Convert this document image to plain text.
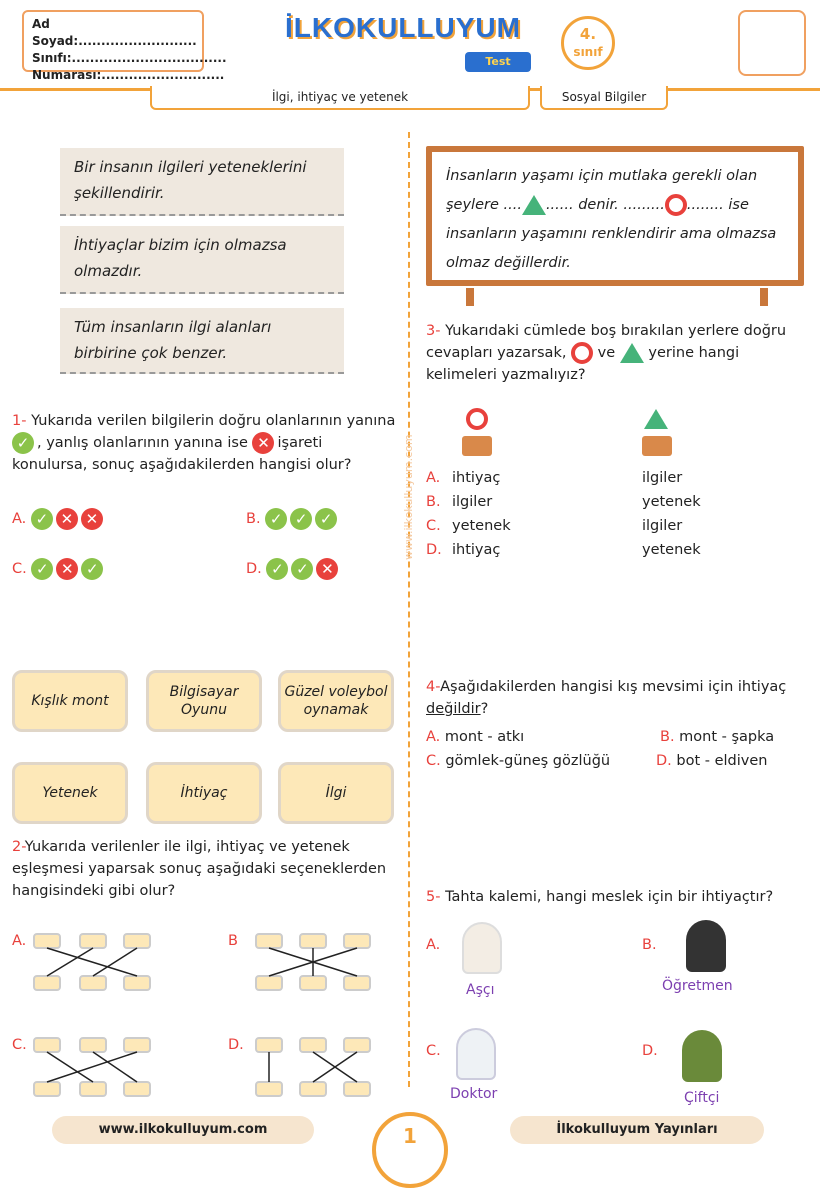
Ad Soyad:..........................
Sınıfı:..................................
Numarası:...........................
İLKOKULLUYUM
Test
4.
sınıf
İlgi, ihtiyaç ve yetenek	Sosyal Bilgiler
www.ilkokulluyum.com
Bir insanın ilgileri yeteneklerini şekillendirir.
İhtiyaçlar bizim için olmazsa olmazdır.
Tüm insanların ilgi alanları birbirine çok benzer.
1- Yukarıda verilen bilgilerin doğru olanlarının yanına ✓ , yanlış olanlarının yanına ise ✕ işareti konulursa, sonuç aşağıdakilerden hangisi olur?
A. ✓ ✕ ✕	B. ✓ ✓ ✓
C. ✓ ✕ ✓	D. ✓ ✓ ✕
İnsanların yaşamı için mutlaka gerekli olan
şeylere .... ...... denir. ......... ........ ise
insanların yaşamını renklendirir ama olmazsa
olmaz değillerdir.
3- Yukarıdaki cümlede boş bırakılan yerlere doğru cevapları yazarsak, ve yerine hangi kelimeleri yazmalıyız?
A. ihtiyaç	ilgiler
B. ilgiler	yetenek
C. yetenek	ilgiler
D. ihtiyaç	yetenek
Kışlık mont
Bilgisayar Oyunu
Güzel voleybol oynamak
Yetenek	İhtiyaç	İlgi
2-Yukarıda verilenler ile ilgi, ihtiyaç ve yetenek eşleşmesi yaparsak sonuç aşağıdaki seçeneklerden hangisindeki gibi olur?
A.	B
C.	D.
4-Aşağıdakilerden hangisi kış mevsimi için ihtiyaç değildir?
A. mont - atkı	B. mont - şapka
C. gömlek-güneş gözlüğü	D. bot - eldiven
5- Tahta kalemi, hangi meslek için bir ihtiyaçtır?
A.
Aşçı
B.
Öğretmen
C.
Doktor
D.
Çiftçi
www.ilkokulluyum.com	1	İlkokulluyum Yayınları
